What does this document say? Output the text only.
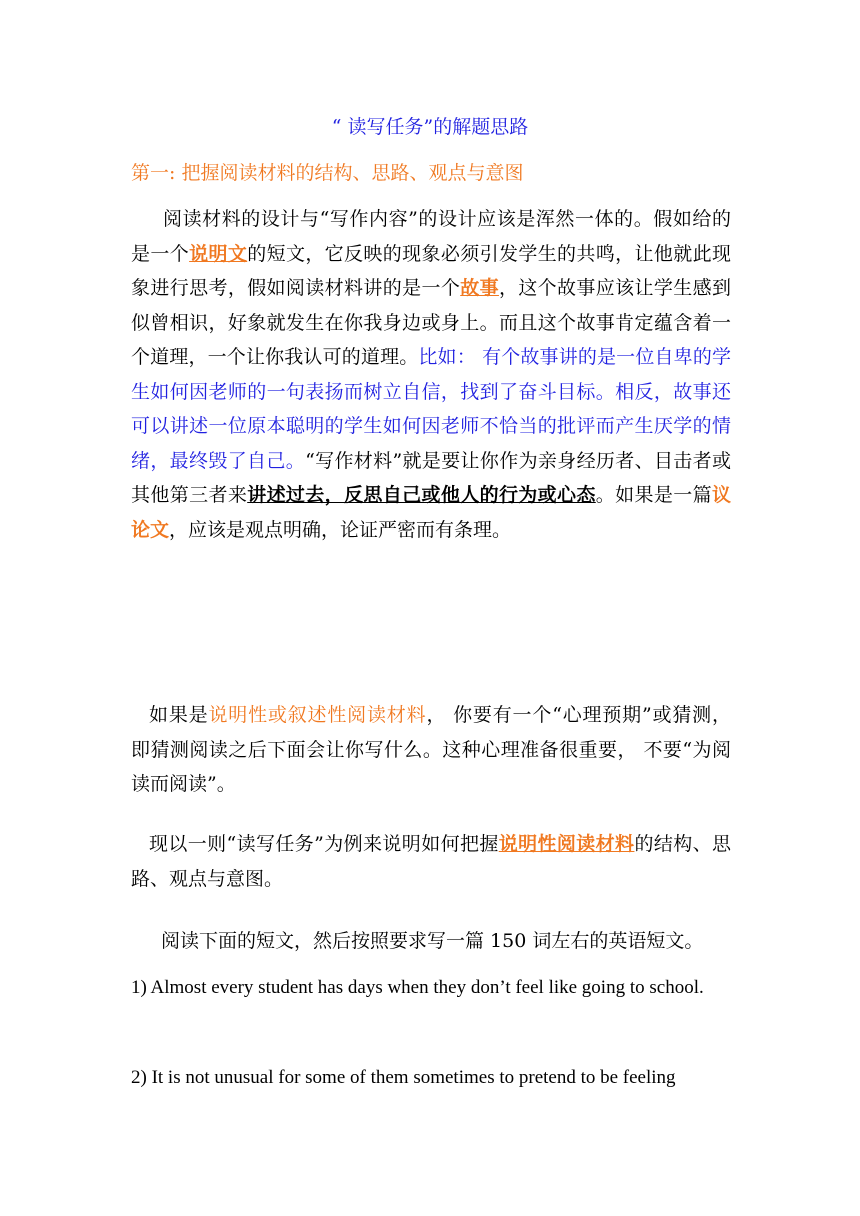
“ 读写任务”的解题思路
第一: 把握阅读材料的结构、思路、观点与意图
阅读材料的设计与“写作内容”的设计应该是浑然一体的。假如给的是一个说明文的短文，它反映的现象必须引发学生的共鸣，让他就此现象进行思考，假如阅读材料讲的是一个故事，这个故事应该让学生感到似曾相识，好象就发生在你我身边或身上。而且这个故事肯定蕴含着一个道理，一个让你我认可的道理。比如： 有个故事讲的是一位自卑的学生如何因老师的一句表扬而树立自信，找到了奋斗目标。相反，故事还可以讲述一位原本聪明的学生如何因老师不恰当的批评而产生厌学的情绪，最终毁了自己。“写作材料”就是要让你作为亲身经历者、目击者或其他第三者来讲述过去，反思自己或他人的行为或心态。如果是一篇议论文，应该是观点明确，论证严密而有条理。
如果是说明性或叙述性阅读材料， 你要有一个“心理预期”或猜测， 即猜测阅读之后下面会让你写什么。这种心理准备很重要， 不要“为阅读而阅读”。
现以一则“读写任务”为例来说明如何把握说明性阅读材料的结构、思路、观点与意图。
阅读下面的短文，然后按照要求写一篇 150 词左右的英语短文。
1) Almost every student has days when they don’t feel like going to school.
2) It is not unusual for some of them sometimes to pretend to be feeling
